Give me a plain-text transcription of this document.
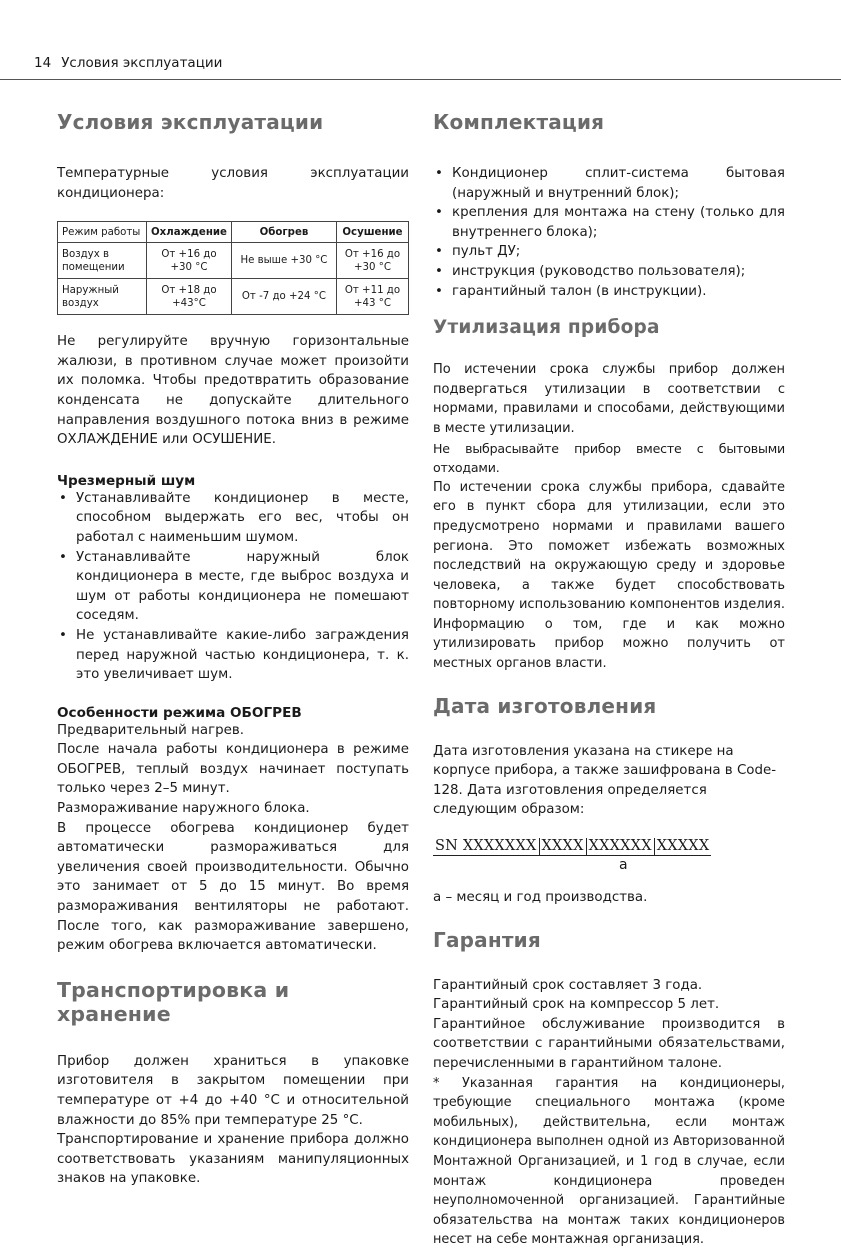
14 Условия эксплуатации
Условия эксплуатации

Температурные условия эксплуатации кондиционера:

Режим работы	Охлаждение	Обогрев	Осушение
Воздух в помещении	От +16 до +30 °C	Не выше +30 °C	От +16 до +30 °C
Наружный воздух	От +18 до +43°C	От -7 до +24 °C	От +11 до +43 °C

Не регулируйте вручную горизонтальные жалюзи, в противном случае может произойти их поломка. Чтобы предотвратить образование конденсата не допускайте длительного направления воздушного потока вниз в режиме ОХЛАЖДЕНИЕ или ОСУШЕНИЕ.

Чрезмерный шум
• Устанавливайте кондиционер в месте, способном выдержать его вес, чтобы он работал с наименьшим шумом.
• Устанавливайте наружный блок кондиционера в месте, где выброс воздуха и шум от работы кондиционера не помешают соседям.
• Не устанавливайте какие-либо заграждения перед наружной частью кондиционера, т. к. это увеличивает шум.
Особенности режима ОБОГРЕВ

Предварительный нагрев.

После начала работы кондиционера в режиме ОБОГРЕВ, теплый воздух начинает поступать только через 2–5 минут.

Размораживание наружного блока.

В процессе обогрева кондиционер будет автоматически размораживаться для увеличения своей производительности. Обычно это занимает от 5 до 15 минут. Во время размораживания вентиляторы не работают. После того, как размораживание завершено, режим обогрева включается автоматически.

Транспортировка и хранение

Прибор должен храниться в упаковке изготовителя в закрытом помещении при температуре от +4 до +40 °С и относительной влажности до 85% при температуре 25 °С.

Транспортирование и хранение прибора должно соответствовать указаниям манипуляционных знаков на упаковке.

Комплектация
• Кондиционер сплит-система бытовая (наружный и внутренний блок);
• крепления для монтажа на стену (только для внутреннего блока);
• пульт ДУ;
• инструкция (руководство пользователя);
• гарантийный талон (в инструкции).
Утилизация прибора

По истечении срока службы прибор должен подвергаться утилизации в соответствии с нормами, правилами и способами, действующими в месте утилизации.

Не выбрасывайте прибор вместе с бытовыми отходами.

По истечении срока службы прибора, сдавайте его в пункт сбора для утилизации, если это предусмотрено нормами и правилами вашего региона. Это поможет избежать возможных последствий на окружающую среду и здоровье человека, а также будет способствовать повторному использованию компонентов изделия.

Информацию о том, где и как можно утилизировать прибор можно получить от местных органов власти.

Дата изготовления

Дата изготовления указана на стикере на корпусе прибора, а также зашифрована в Code-128. Дата изготовления определяется следующим образом:

SN XXXXXXX XXXX XXXXXX XXXXX
a

a – месяц и год производства.

Гарантия

Гарантийный срок составляет 3 года.

Гарантийный срок на компрессор 5 лет.

Гарантийное обслуживание производится в соответствии с гарантийными обязательствами, перечисленными в гарантийном талоне.

* Указанная гарантия на кондиционеры, требующие специального монтажа (кроме мобильных), действительна, если монтаж кондиционера выполнен одной из Авторизованной Монтажной Организацией, и 1 год в случае, если монтаж кондиционера проведен неуполномоченной организацией. Гарантийные обязательства на монтаж таких кондиционеров несет на себе монтажная организация.
